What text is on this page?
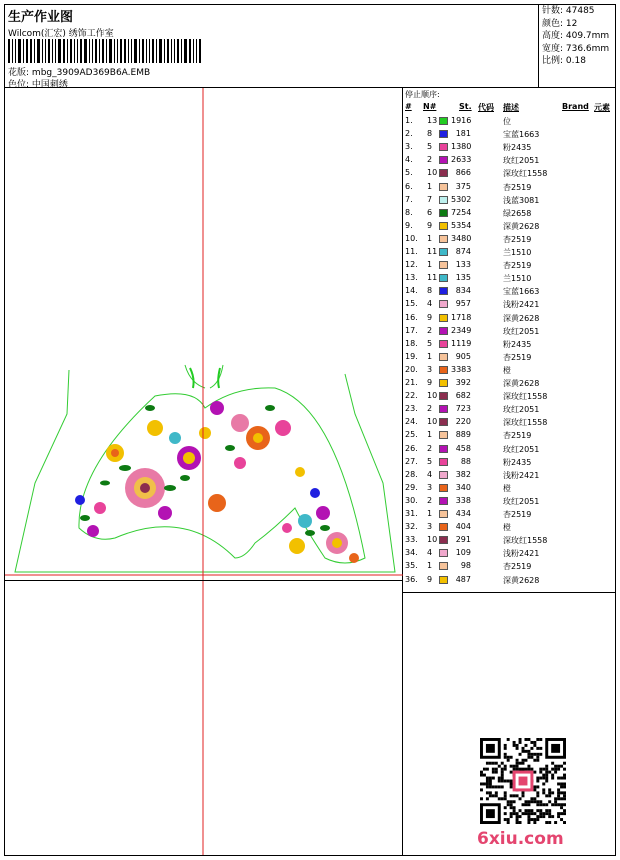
生产作业图
Wilcom(汇宏) 绣饰工作室
花版: mbg_3909AD369B6A.EMB
色位: 中国刺绣
针数: 47485
颜色: 12
高度: 409.7mm
宽度: 736.6mm
比例: 0.18
停止顺序:
# N#	St. 代码 描述	Brand 元素
1. 13 1916	位
2. 8	181	宝蓝1663
3. 5 1380	粉2435
4. 2 2633	玫红2051
5. 10	866	深玫红1558
6. 1	375	杏2519
7. 7 5302	浅蓝3081
8. 6 7254	绿2658
9. 9 5354	深黄2628
10. 1 3480	杏2519
11. 11	874	兰1510
12. 1	133	杏2519
13. 11	135	兰1510
14. 8	834	宝蓝1663
15. 4	957	浅粉2421
16. 9 1718	深黄2628
17. 2 2349	玫红2051
18. 5 1119	粉2435
19. 1	905	杏2519
20. 3 3383	橙
21. 9	392	深黄2628
22. 10	682	深玫红1558
23. 2	723	玫红2051
24. 10	220	深玫红1558
25. 1	889	杏2519
26. 2	458	玫红2051
27. 5	88	粉2435
28. 4	382	浅粉2421
29. 3	340	橙
30. 2	338	玫红2051
31. 1	434	杏2519
32. 3	404	橙
33. 10	291	深玫红1558
34. 4	109	浅粉2421
35. 1	98	杏2519
36. 9	487	深黄2628
6xiu.com
